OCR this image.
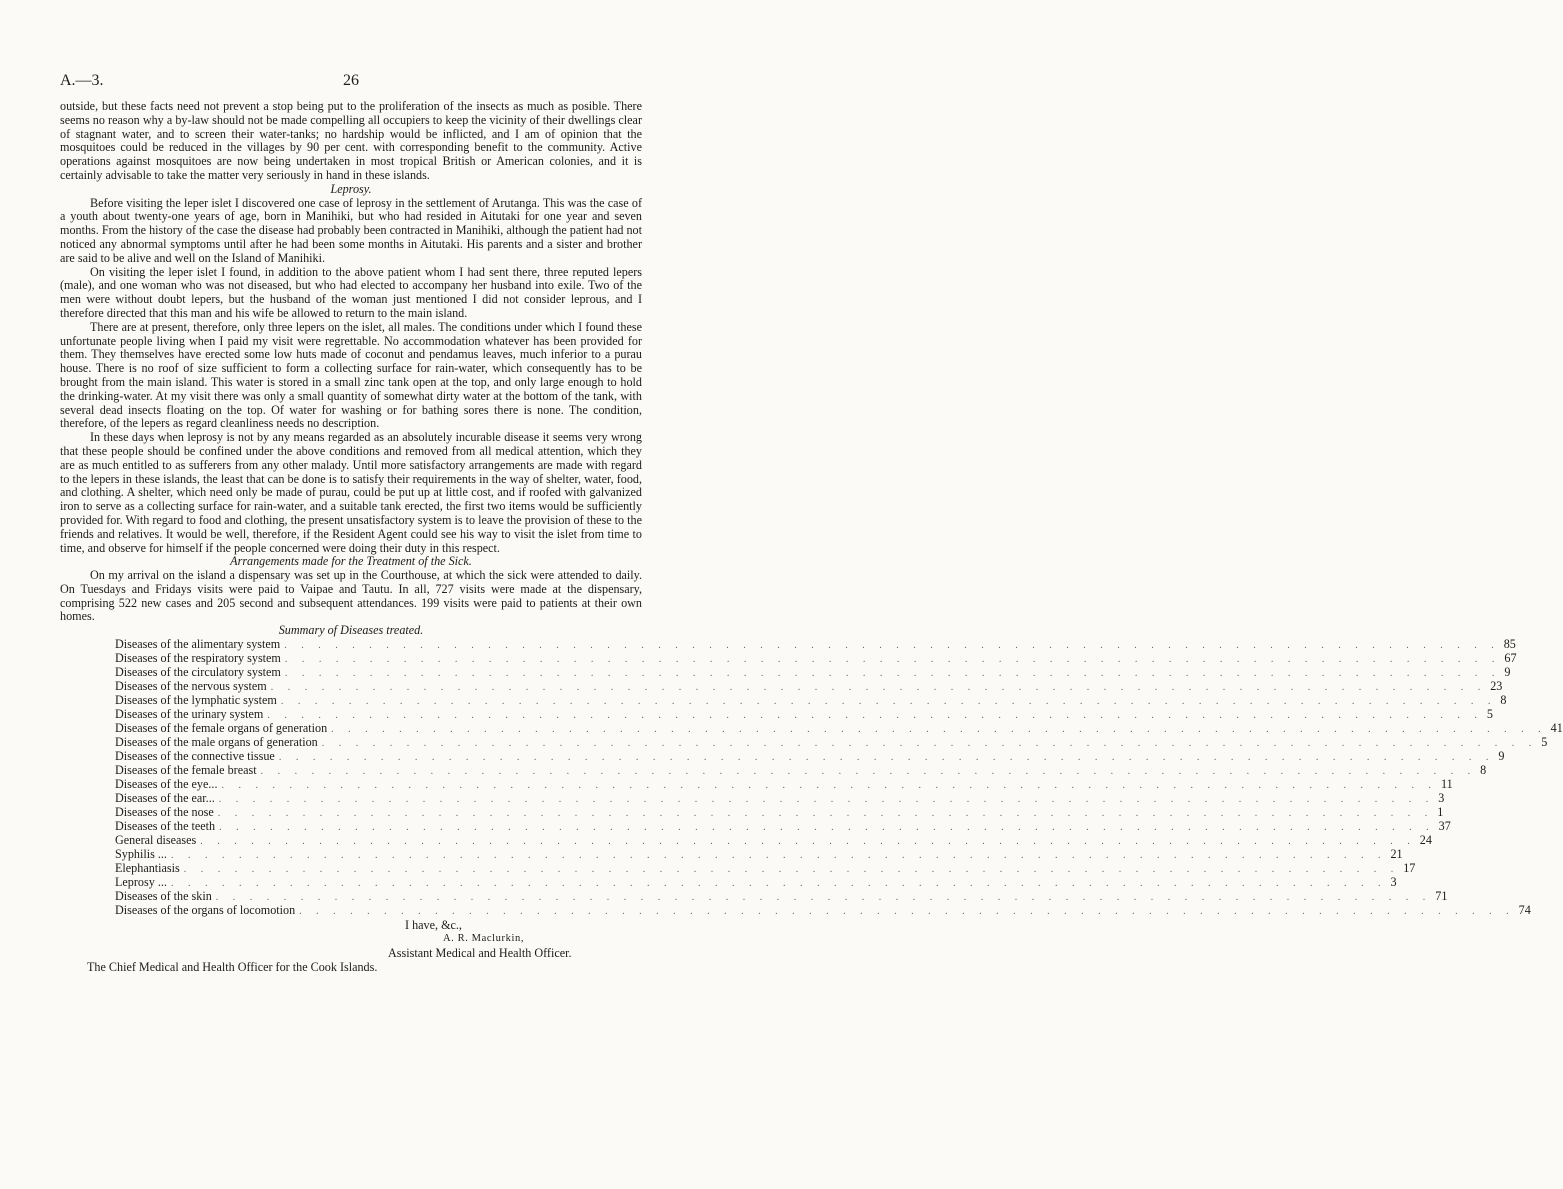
A.—3.	26

outside, but these facts need not prevent a stop being put to the proliferation of the insects as much as posible. There seems no reason why a by-law should not be made compelling all occupiers to keep the vicinity of their dwellings clear of stagnant water, and to screen their water-tanks; no hardship would be inflicted, and I am of opinion that the mosquitoes could be reduced in the villages by 90 per cent. with corresponding benefit to the community. Active operations against mosquitoes are now being undertaken in most tropical British or American colonies, and it is certainly advisable to take the matter very seriously in hand in these islands.

Leprosy.

Before visiting the leper islet I discovered one case of leprosy in the settlement of Arutanga. This was the case of a youth about twenty-one years of age, born in Manihiki, but who had resided in Aitutaki for one year and seven months. From the history of the case the disease had probably been contracted in Manihiki, although the patient had not noticed any abnormal symptoms until after he had been some months in Aitutaki. His parents and a sister and brother are said to be alive and well on the Island of Manihiki.

On visiting the leper islet I found, in addition to the above patient whom I had sent there, three reputed lepers (male), and one woman who was not diseased, but who had elected to accompany her husband into exile. Two of the men were without doubt lepers, but the husband of the woman just mentioned I did not consider leprous, and I therefore directed that this man and his wife be allowed to return to the main island.

There are at present, therefore, only three lepers on the islet, all males. The conditions under which I found these unfortunate people living when I paid my visit were regrettable. No accommodation whatever has been provided for them. They themselves have erected some low huts made of coconut and pendamus leaves, much inferior to a purau house. There is no roof of size sufficient to form a collecting surface for rain-water, which consequently has to be brought from the main island. This water is stored in a small zinc tank open at the top, and only large enough to hold the drinking-water. At my visit there was only a small quantity of somewhat dirty water at the bottom of the tank, with several dead insects floating on the top. Of water for washing or for bathing sores there is none. The condition, therefore, of the lepers as regard cleanliness needs no description.

In these days when leprosy is not by any means regarded as an absolutely incurable disease it seems very wrong that these people should be confined under the above conditions and removed from all medical attention, which they are as much entitled to as sufferers from any other malady. Until more satisfactory arrangements are made with regard to the lepers in these islands, the least that can be done is to satisfy their requirements in the way of shelter, water, food, and clothing. A shelter, which need only be made of purau, could be put up at little cost, and if roofed with galvanized iron to serve as a collecting surface for rain-water, and a suitable tank erected, the first two items would be sufficiently provided for. With regard to food and clothing, the present unsatisfactory system is to leave the provision of these to the friends and relatives. It would be well, therefore, if the Resident Agent could see his way to visit the islet from time to time, and observe for himself if the people concerned were doing their duty in this respect.

Arrangements made for the Treatment of the Sick.

On my arrival on the island a dispensary was set up in the Courthouse, at which the sick were attended to daily. On Tuesdays and Fridays visits were paid to Vaipae and Tautu. In all, 727 visits were made at the dispensary, comprising 522 new cases and 205 second and subsequent attendances. 199 visits were paid to patients at their own homes.

Summary of Diseases treated.

Diseases of the alimentary system . . . . . . . . . . . . . . . . . . . . . . . . . . . . . . . . . . . . . . . . . . . . . . . . . . . . . . . . . . . . . . . . . . . . . . . . 85
Diseases of the respiratory system . . . . . . . . . . . . . . . . . . . . . . . . . . . . . . . . . . . . . . . . . . . . . . . . . . . . . . . . . . . . . . . . . . . . . . . . 67
Diseases of the circulatory system . . . . . . . . . . . . . . . . . . . . . . . . . . . . . . . . . . . . . . . . . . . . . . . . . . . . . . . . . . . . . . . . . . . . . . . . 9
Diseases of the nervous system . . . . . . . . . . . . . . . . . . . . . . . . . . . . . . . . . . . . . . . . . . . . . . . . . . . . . . . . . . . . . . . . . . . . . . . . 23
Diseases of the lymphatic system . . . . . . . . . . . . . . . . . . . . . . . . . . . . . . . . . . . . . . . . . . . . . . . . . . . . . . . . . . . . . . . . . . . . . . . . 8
Diseases of the urinary system . . . . . . . . . . . . . . . . . . . . . . . . . . . . . . . . . . . . . . . . . . . . . . . . . . . . . . . . . . . . . . . . . . . . . . . . 5
Diseases of the female organs of generation . . . . . . . . . . . . . . . . . . . . . . . . . . . . . . . . . . . . . . . . . . . . . . . . . . . . . . . . . . . . . . . . . . . . . . . . 41
Diseases of the male organs of generation . . . . . . . . . . . . . . . . . . . . . . . . . . . . . . . . . . . . . . . . . . . . . . . . . . . . . . . . . . . . . . . . . . . . . . . . 5
Diseases of the connective tissue . . . . . . . . . . . . . . . . . . . . . . . . . . . . . . . . . . . . . . . . . . . . . . . . . . . . . . . . . . . . . . . . . . . . . . . . 9
Diseases of the female breast . . . . . . . . . . . . . . . . . . . . . . . . . . . . . . . . . . . . . . . . . . . . . . . . . . . . . . . . . . . . . . . . . . . . . . . . 8
Diseases of the eye... . . . . . . . . . . . . . . . . . . . . . . . . . . . . . . . . . . . . . . . . . . . . . . . . . . . . . . . . . . . . . . . . . . . . . . . . 11
Diseases of the ear... . . . . . . . . . . . . . . . . . . . . . . . . . . . . . . . . . . . . . . . . . . . . . . . . . . . . . . . . . . . . . . . . . . . . . . . . 3
Diseases of the nose . . . . . . . . . . . . . . . . . . . . . . . . . . . . . . . . . . . . . . . . . . . . . . . . . . . . . . . . . . . . . . . . . . . . . . . . 1
Diseases of the teeth . . . . . . . . . . . . . . . . . . . . . . . . . . . . . . . . . . . . . . . . . . . . . . . . . . . . . . . . . . . . . . . . . . . . . . . . 37
General diseases . . . . . . . . . . . . . . . . . . . . . . . . . . . . . . . . . . . . . . . . . . . . . . . . . . . . . . . . . . . . . . . . . . . . . . . . 24
Syphilis ... . . . . . . . . . . . . . . . . . . . . . . . . . . . . . . . . . . . . . . . . . . . . . . . . . . . . . . . . . . . . . . . . . . . . . . . . 21
Elephantiasis . . . . . . . . . . . . . . . . . . . . . . . . . . . . . . . . . . . . . . . . . . . . . . . . . . . . . . . . . . . . . . . . . . . . . . . . 17
Leprosy ... . . . . . . . . . . . . . . . . . . . . . . . . . . . . . . . . . . . . . . . . . . . . . . . . . . . . . . . . . . . . . . . . . . . . . . . . 3
Diseases of the skin . . . . . . . . . . . . . . . . . . . . . . . . . . . . . . . . . . . . . . . . . . . . . . . . . . . . . . . . . . . . . . . . . . . . . . . . 71
Diseases of the organs of locomotion . . . . . . . . . . . . . . . . . . . . . . . . . . . . . . . . . . . . . . . . . . . . . . . . . . . . . . . . . . . . . . . . . . . . . . . . 74
I have, &c.,
A. R. Maclurkin,
Assistant Medical and Health Officer.
The Chief Medical and Health Officer for the Cook Islands.
